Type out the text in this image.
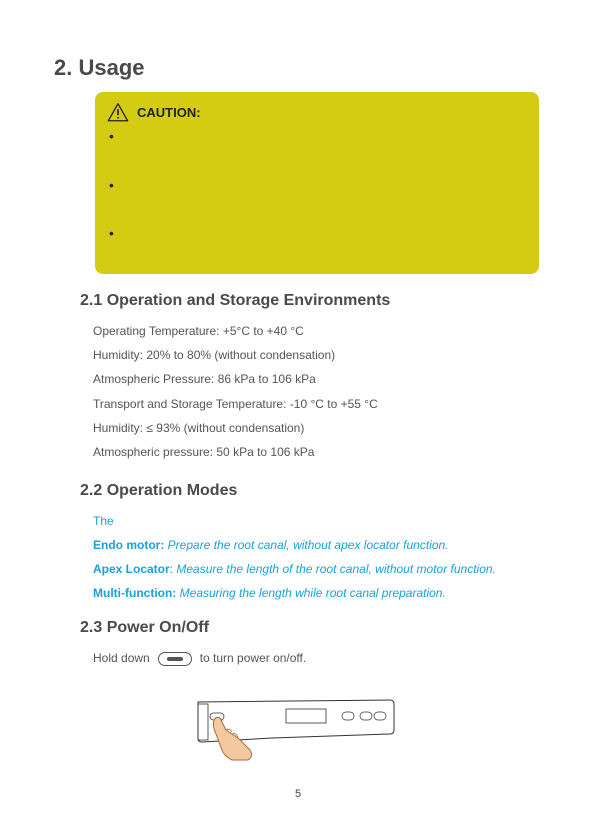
2. Usage
CAUTION:
•
•
•
2.1 Operation and Storage Environments
Operating Temperature: +5°C to +40 °C
Humidity: 20% to 80% (without condensation)
Atmospheric Pressure: 86 kPa to 106 kPa
Transport and Storage Temperature: -10 °C to +55 °C
Humidity: ≤ 93% (without condensation)
Atmospheric pressure: 50 kPa to 106 kPa
2.2 Operation Modes
The
Endo motor: Prepare the root canal, without apex locator function.
Apex Locator: Measure the length of the root canal, without motor function.
Multi-function: Measuring the length while root canal preparation.
2.3 Power On/Off
Hold down	to turn power on/off.
5
